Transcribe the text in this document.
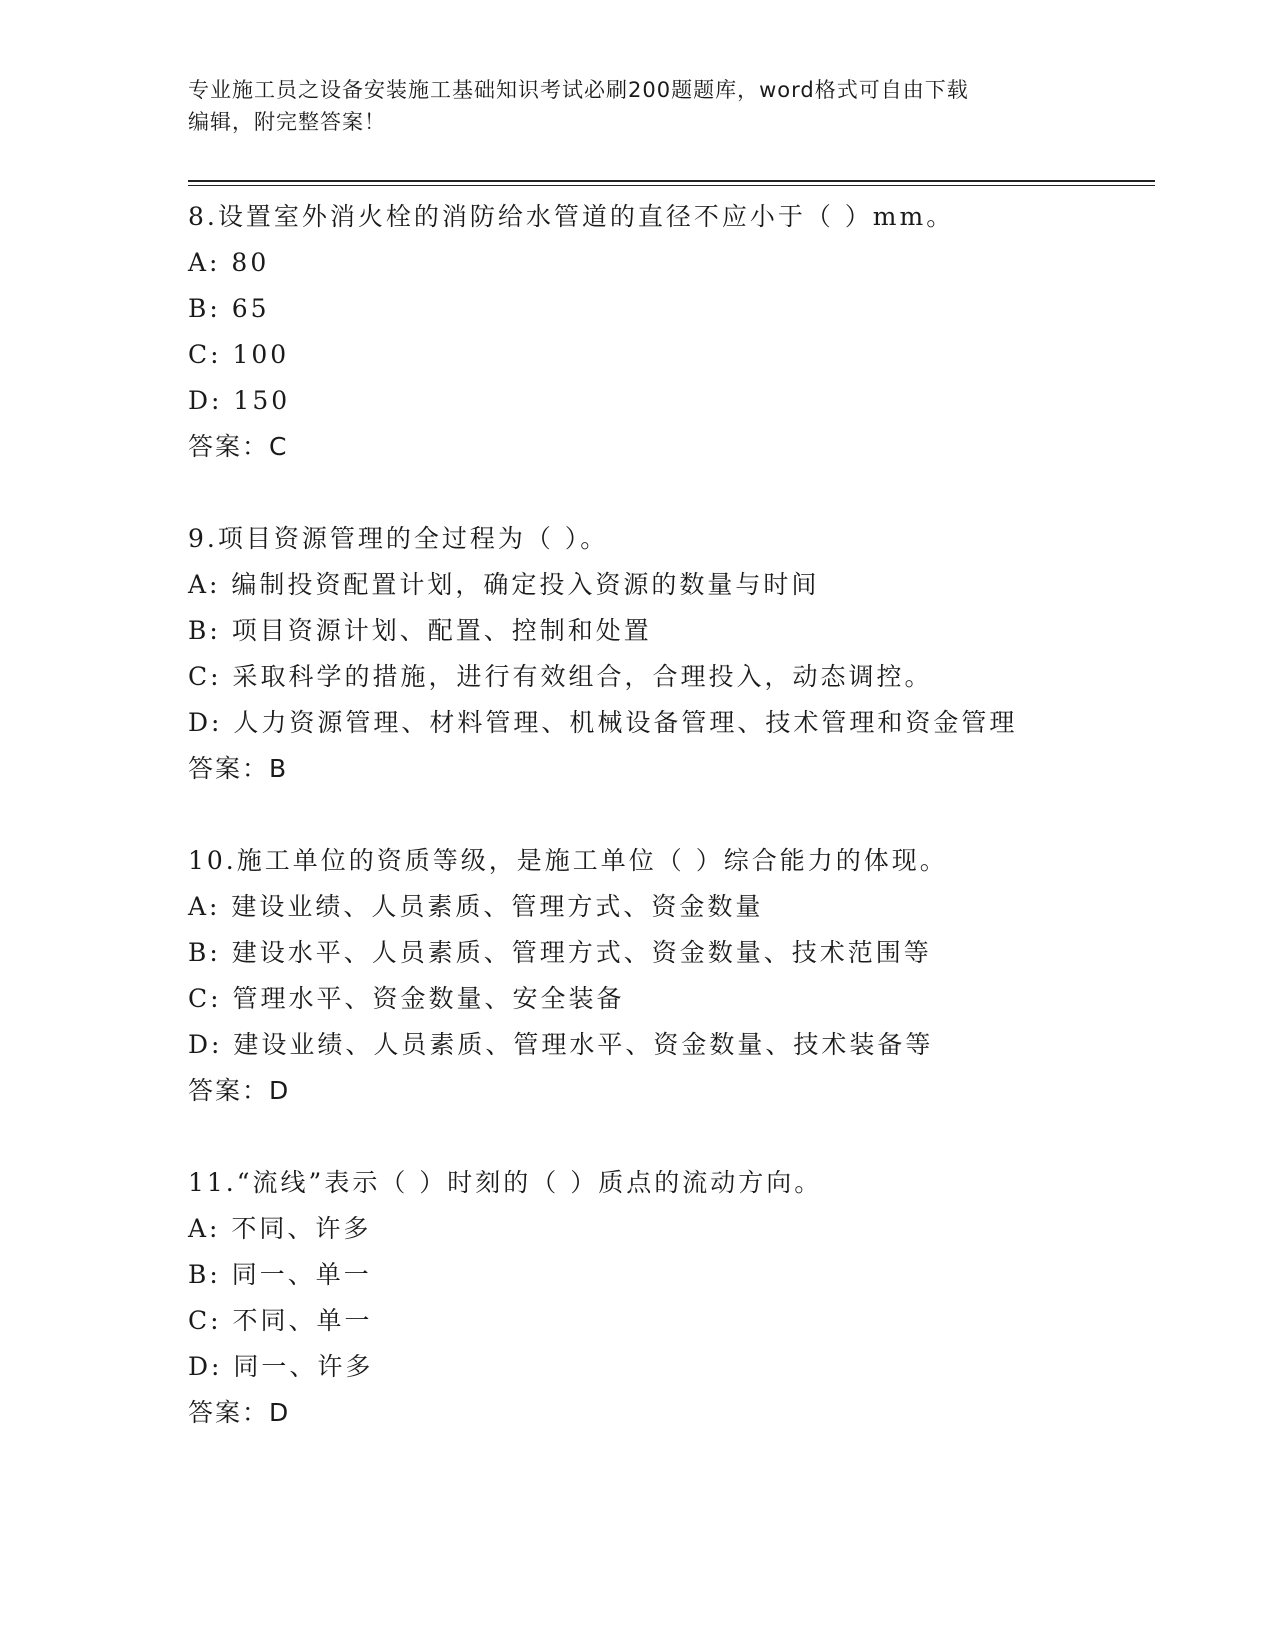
专业施工员之设备安装施工基础知识考试必刷200题题库，word格式可自由下载
编辑，附完整答案！
8.设置室外消火栓的消防给水管道的直径不应小于（ ）mm。
A: 80
B: 65
C: 100
D: 150
答案：C
9.项目资源管理的全过程为（ ）。
A: 编制投资配置计划，确定投入资源的数量与时间
B: 项目资源计划、配置、控制和处置
C: 采取科学的措施，进行有效组合，合理投入，动态调控。
D: 人力资源管理、材料管理、机械设备管理、技术管理和资金管理
答案：B
10.施工单位的资质等级，是施工单位（ ）综合能力的体现。
A: 建设业绩、人员素质、管理方式、资金数量
B: 建设水平、人员素质、管理方式、资金数量、技术范围等
C: 管理水平、资金数量、安全装备
D: 建设业绩、人员素质、管理水平、资金数量、技术装备等
答案：D
11.“流线”表示（ ）时刻的（ ）质点的流动方向。
A: 不同、许多
B: 同一、单一
C: 不同、单一
D: 同一、许多
答案：D
